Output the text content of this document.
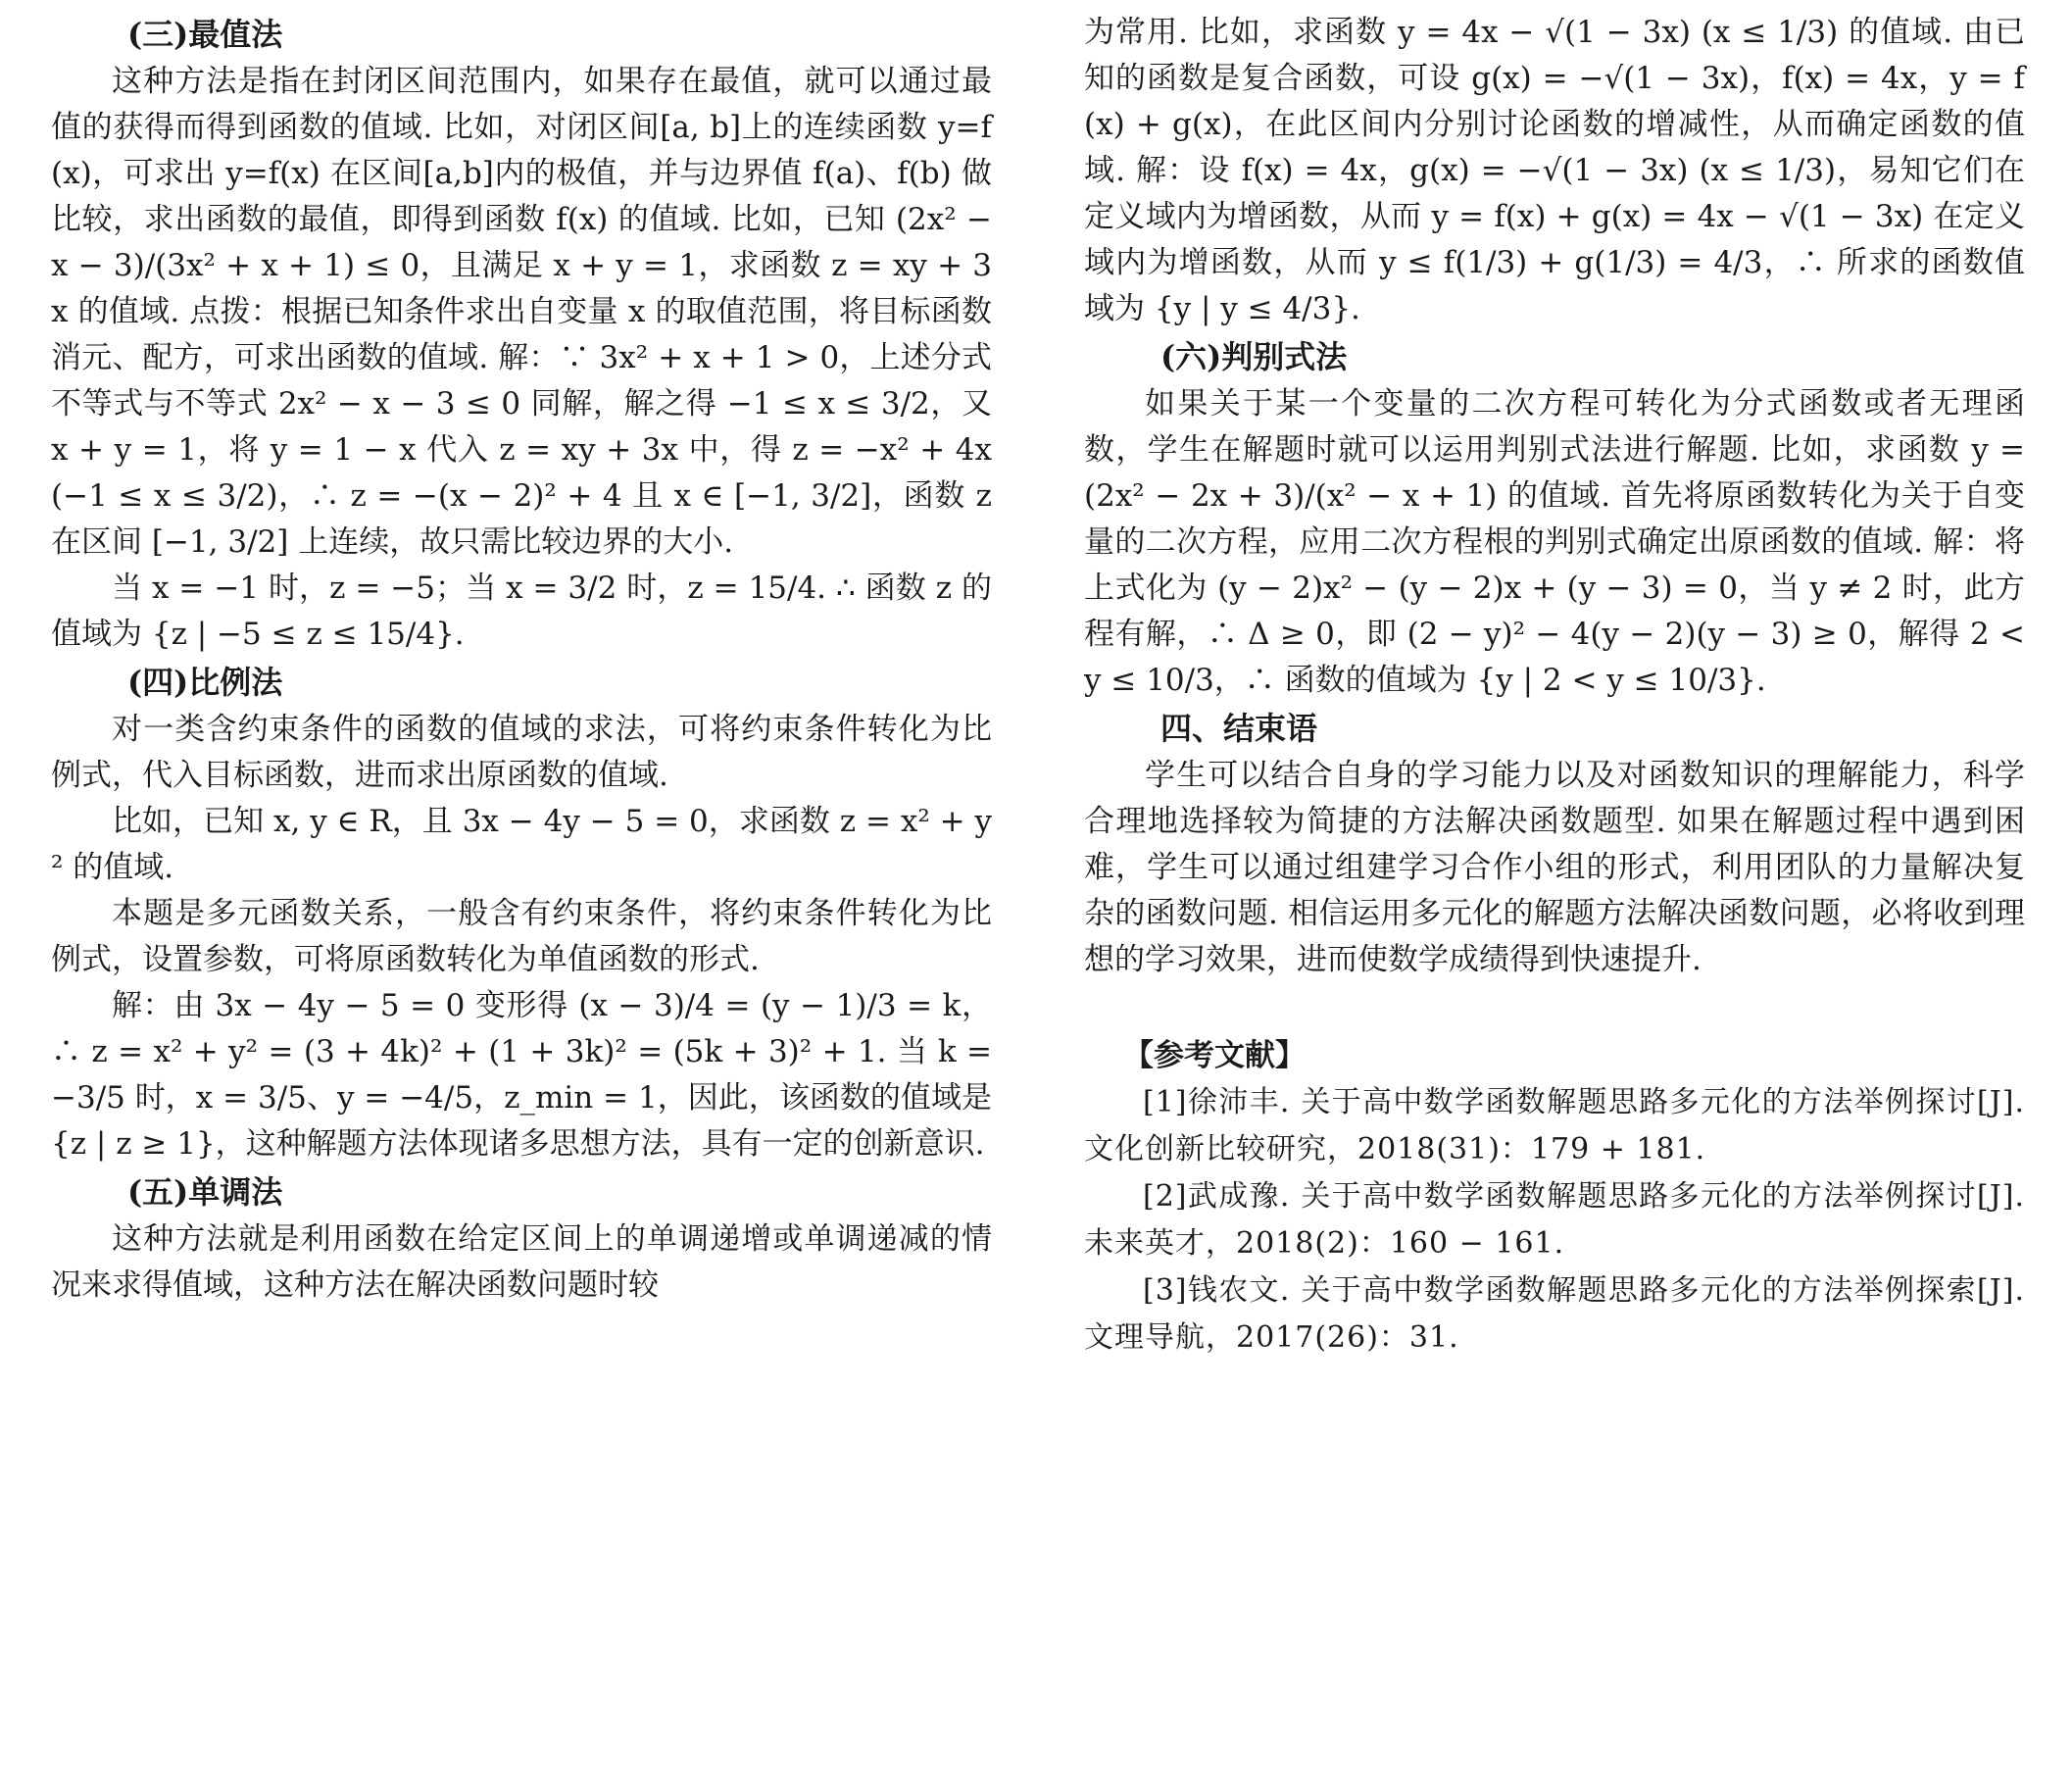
(三)最值法

这种方法是指在封闭区间范围内，如果存在最值，就可以通过最值的获得而得到函数的值域. 比如，对闭区间[a, b]上的连续函数 y=f(x)，可求出 y=f(x) 在区间[a,b]内的极值，并与边界值 f(a)、f(b) 做比较，求出函数的最值，即得到函数 f(x) 的值域. 比如，已知 (2x² − x − 3)/(3x² + x + 1) ≤ 0，且满足 x + y = 1，求函数 z = xy + 3x 的值域. 点拨：根据已知条件求出自变量 x 的取值范围，将目标函数消元、配方，可求出函数的值域. 解：∵ 3x² + x + 1 > 0，上述分式不等式与不等式 2x² − x − 3 ≤ 0 同解，解之得 −1 ≤ x ≤ 3/2，又 x + y = 1，将 y = 1 − x 代入 z = xy + 3x 中，得 z = −x² + 4x (−1 ≤ x ≤ 3/2)，∴ z = −(x − 2)² + 4 且 x ∈ [−1, 3/2]，函数 z 在区间 [−1, 3/2] 上连续，故只需比较边界的大小.

当 x = −1 时，z = −5；当 x = 3/2 时，z = 15/4. ∴ 函数 z 的值域为 {z | −5 ≤ z ≤ 15/4}.

(四)比例法

对一类含约束条件的函数的值域的求法，可将约束条件转化为比例式，代入目标函数，进而求出原函数的值域.

比如，已知 x, y ∈ R，且 3x − 4y − 5 = 0，求函数 z = x² + y² 的值域.

本题是多元函数关系，一般含有约束条件，将约束条件转化为比例式，设置参数，可将原函数转化为单值函数的形式.

解：由 3x − 4y − 5 = 0 变形得 (x − 3)/4 = (y − 1)/3 = k，∴ z = x² + y² = (3 + 4k)² + (1 + 3k)² = (5k + 3)² + 1. 当 k = −3/5 时，x = 3/5、y = −4/5，z_min = 1，因此，该函数的值域是 {z | z ≥ 1}，这种解题方法体现诸多思想方法，具有一定的创新意识.

(五)单调法

这种方法就是利用函数在给定区间上的单调递增或单调递减的情况来求得值域，这种方法在解决函数问题时较

为常用. 比如，求函数 y = 4x − √(1 − 3x) (x ≤ 1/3) 的值域. 由已知的函数是复合函数，可设 g(x) = −√(1 − 3x)，f(x) = 4x，y = f(x) + g(x)，在此区间内分别讨论函数的增减性，从而确定函数的值域. 解：设 f(x) = 4x，g(x) = −√(1 − 3x) (x ≤ 1/3)，易知它们在定义域内为增函数，从而 y = f(x) + g(x) = 4x − √(1 − 3x) 在定义域内为增函数，从而 y ≤ f(1/3) + g(1/3) = 4/3，∴ 所求的函数值域为 {y | y ≤ 4/3}.

(六)判别式法

如果关于某一个变量的二次方程可转化为分式函数或者无理函数，学生在解题时就可以运用判别式法进行解题. 比如，求函数 y = (2x² − 2x + 3)/(x² − x + 1) 的值域. 首先将原函数转化为关于自变量的二次方程，应用二次方程根的判别式确定出原函数的值域. 解：将上式化为 (y − 2)x² − (y − 2)x + (y − 3) = 0，当 y ≠ 2 时，此方程有解，∴ Δ ≥ 0，即 (2 − y)² − 4(y − 2)(y − 3) ≥ 0，解得 2 < y ≤ 10/3，∴ 函数的值域为 {y | 2 < y ≤ 10/3}.

四、结束语

学生可以结合自身的学习能力以及对函数知识的理解能力，科学合理地选择较为简捷的方法解决函数题型. 如果在解题过程中遇到困难，学生可以通过组建学习合作小组的形式，利用团队的力量解决复杂的函数问题. 相信运用多元化的解题方法解决函数问题，必将收到理想的学习效果，进而使数学成绩得到快速提升.

【参考文献】

[1]徐沛丰. 关于高中数学函数解题思路多元化的方法举例探讨[J]. 文化创新比较研究，2018(31)：179 + 181.

[2]武成豫. 关于高中数学函数解题思路多元化的方法举例探讨[J]. 未来英才，2018(2)：160 − 161.

[3]钱农文. 关于高中数学函数解题思路多元化的方法举例探索[J]. 文理导航，2017(26)：31.
